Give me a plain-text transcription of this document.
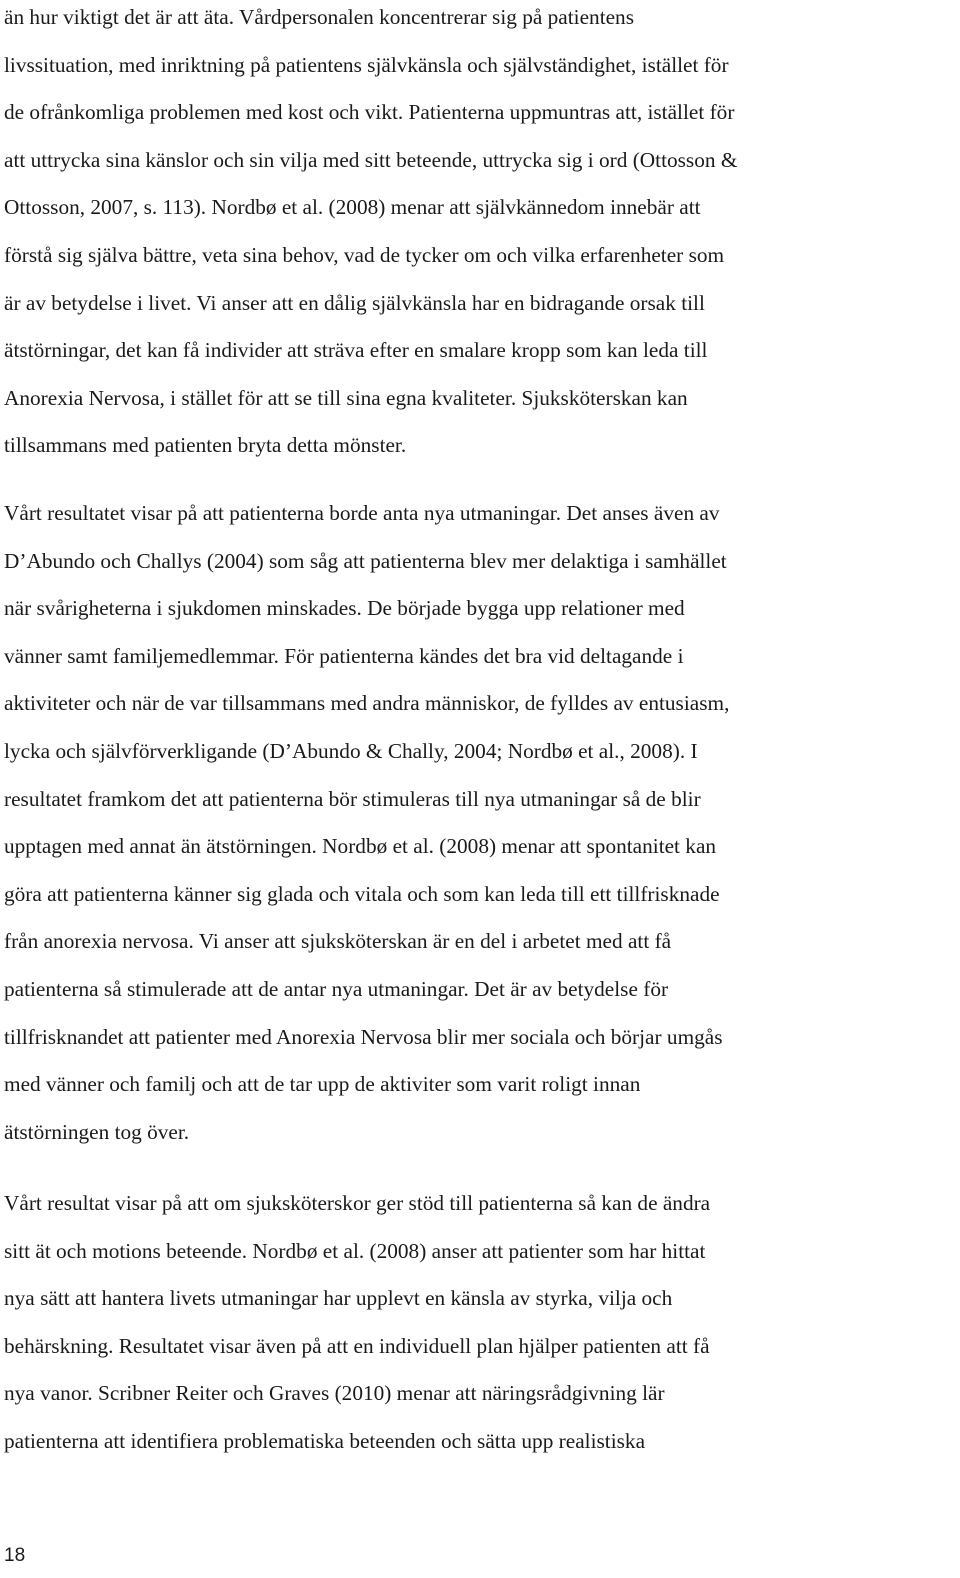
än hur viktigt det är att äta. Vårdpersonalen koncentrerar sig på patientens
livssituation, med inriktning på patientens självkänsla och självständighet, istället för
de ofrånkomliga problemen med kost och vikt. Patienterna uppmuntras att, istället för
att uttrycka sina känslor och sin vilja med sitt beteende, uttrycka sig i ord (Ottosson &
Ottosson, 2007, s. 113). Nordbø et al. (2008) menar att självkännedom innebär att
förstå sig själva bättre, veta sina behov, vad de tycker om och vilka erfarenheter som
är av betydelse i livet. Vi anser att en dålig självkänsla har en bidragande orsak till
ätstörningar, det kan få individer att sträva efter en smalare kropp som kan leda till
Anorexia Nervosa, i stället för att se till sina egna kvaliteter. Sjuksköterskan kan
tillsammans med patienten bryta detta mönster.
Vårt resultatet visar på att patienterna borde anta nya utmaningar. Det anses även av
D’Abundo och Challys (2004) som såg att patienterna blev mer delaktiga i samhället
när svårigheterna i sjukdomen minskades. De började bygga upp relationer med
vänner samt familjemedlemmar. För patienterna kändes det bra vid deltagande i
aktiviteter och när de var tillsammans med andra människor, de fylldes av entusiasm,
lycka och självförverkligande (D’Abundo & Chally, 2004; Nordbø et al., 2008). I
resultatet framkom det att patienterna bör stimuleras till nya utmaningar så de blir
upptagen med annat än ätstörningen. Nordbø et al. (2008) menar att spontanitet kan
göra att patienterna känner sig glada och vitala och som kan leda till ett tillfrisknade
från anorexia nervosa. Vi anser att sjuksköterskan är en del i arbetet med att få
patienterna så stimulerade att de antar nya utmaningar. Det är av betydelse för
tillfrisknandet att patienter med Anorexia Nervosa blir mer sociala och börjar umgås
med vänner och familj och att de tar upp de aktiviter som varit roligt innan
ätstörningen tog över.
Vårt resultat visar på att om sjuksköterskor ger stöd till patienterna så kan de ändra
sitt ät och motions beteende. Nordbø et al. (2008) anser att patienter som har hittat
nya sätt att hantera livets utmaningar har upplevt en känsla av styrka, vilja och
behärskning. Resultatet visar även på att en individuell plan hjälper patienten att få
nya vanor. Scribner Reiter och Graves (2010) menar att näringsrådgivning lär
patienterna att identifiera problematiska beteenden och sätta upp realistiska
18
